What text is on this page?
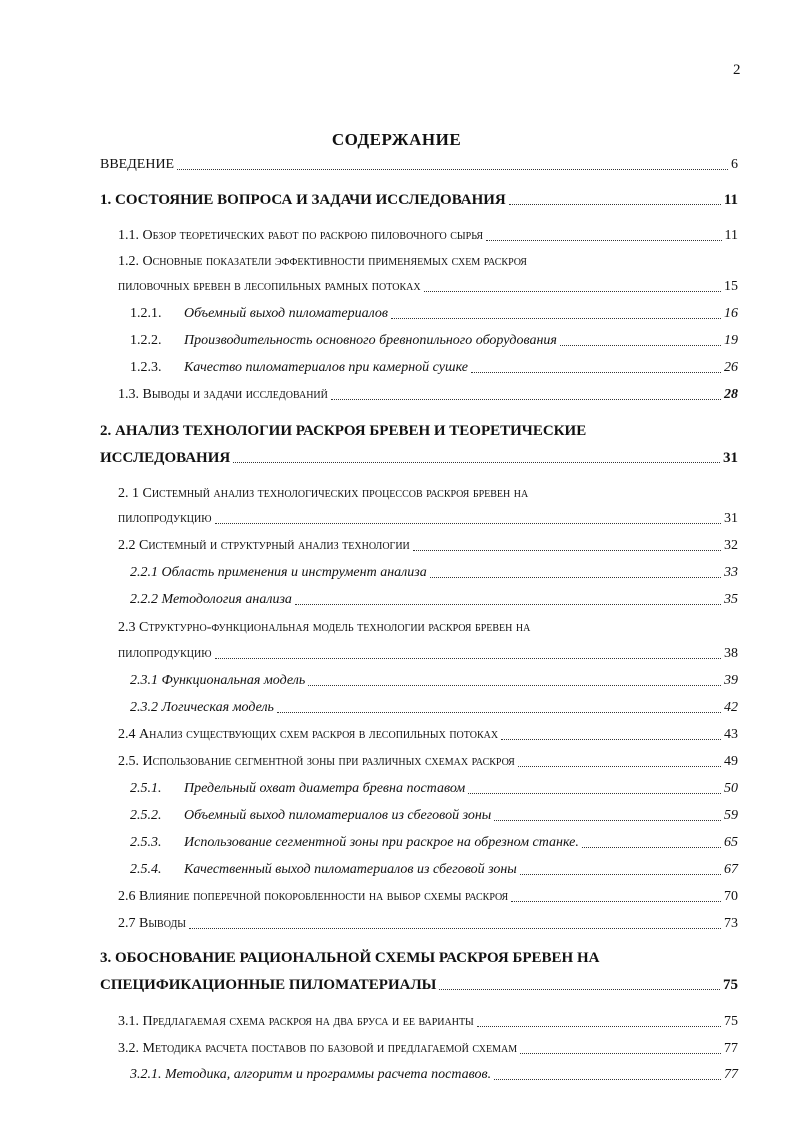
2
СОДЕРЖАНИЕ
ВВЕДЕНИЕ	6
1. СОСТОЯНИЕ ВОПРОСА И ЗАДАЧИ ИССЛЕДОВАНИЯ	11
1.1. Обзор теоретических работ по раскрою пиловочного сырья	11
1.2. Основные показатели эффективности применяемых схем раскроя
пиловочных бревен в лесопильных рамных потоках	15
1.2.1.	Объемный выход пиломатериалов	16
1.2.2.	Производительность основного бревнопильного оборудования	19
1.2.3.	Качество пиломатериалов при камерной сушке	26
1.3. Выводы и задачи исследований	28
2. АНАЛИЗ ТЕХНОЛОГИИ РАСКРОЯ БРЕВЕН И ТЕОРЕТИЧЕСКИЕ
ИССЛЕДОВАНИЯ	31
2. 1 Системный анализ технологических процессов раскроя бревен на
пилопродукцию	31
2.2 Системный и структурный анализ технологии	32
2.2.1 Область применения и инструмент анализа	33
2.2.2 Методология анализа	35
2.3 Структурно-функциональная модель технологии раскроя бревен на
пилопродукцию	38
2.3.1 Функциональная модель	39
2.3.2 Логическая модель	42
2.4 Анализ существующих схем раскроя в лесопильных потоках	43
2.5. Использование сегментной зоны при различных схемах раскроя	49
2.5.1.	Предельный охват диаметра бревна поставом	50
2.5.2.	Объемный выход пиломатериалов из сбеговой зоны	59
2.5.3.	Использование сегментной зоны при раскрое на обрезном станке.	65
2.5.4.	Качественный выход пиломатериалов из сбеговой зоны	67
2.6 Влияние поперечной покоробленности на выбор схемы раскроя	70
2.7 Выводы	73
3. ОБОСНОВАНИЕ РАЦИОНАЛЬНОЙ СХЕМЫ РАСКРОЯ БРЕВЕН НА
СПЕЦИФИКАЦИОННЫЕ ПИЛОМАТЕРИАЛЫ	75
3.1. Предлагаемая схема раскроя на два бруса и ее варианты	75
3.2. Методика расчета поставов по базовой и предлагаемой схемам	77
3.2.1. Методика, алгоритм и программы расчета поставов.	77
